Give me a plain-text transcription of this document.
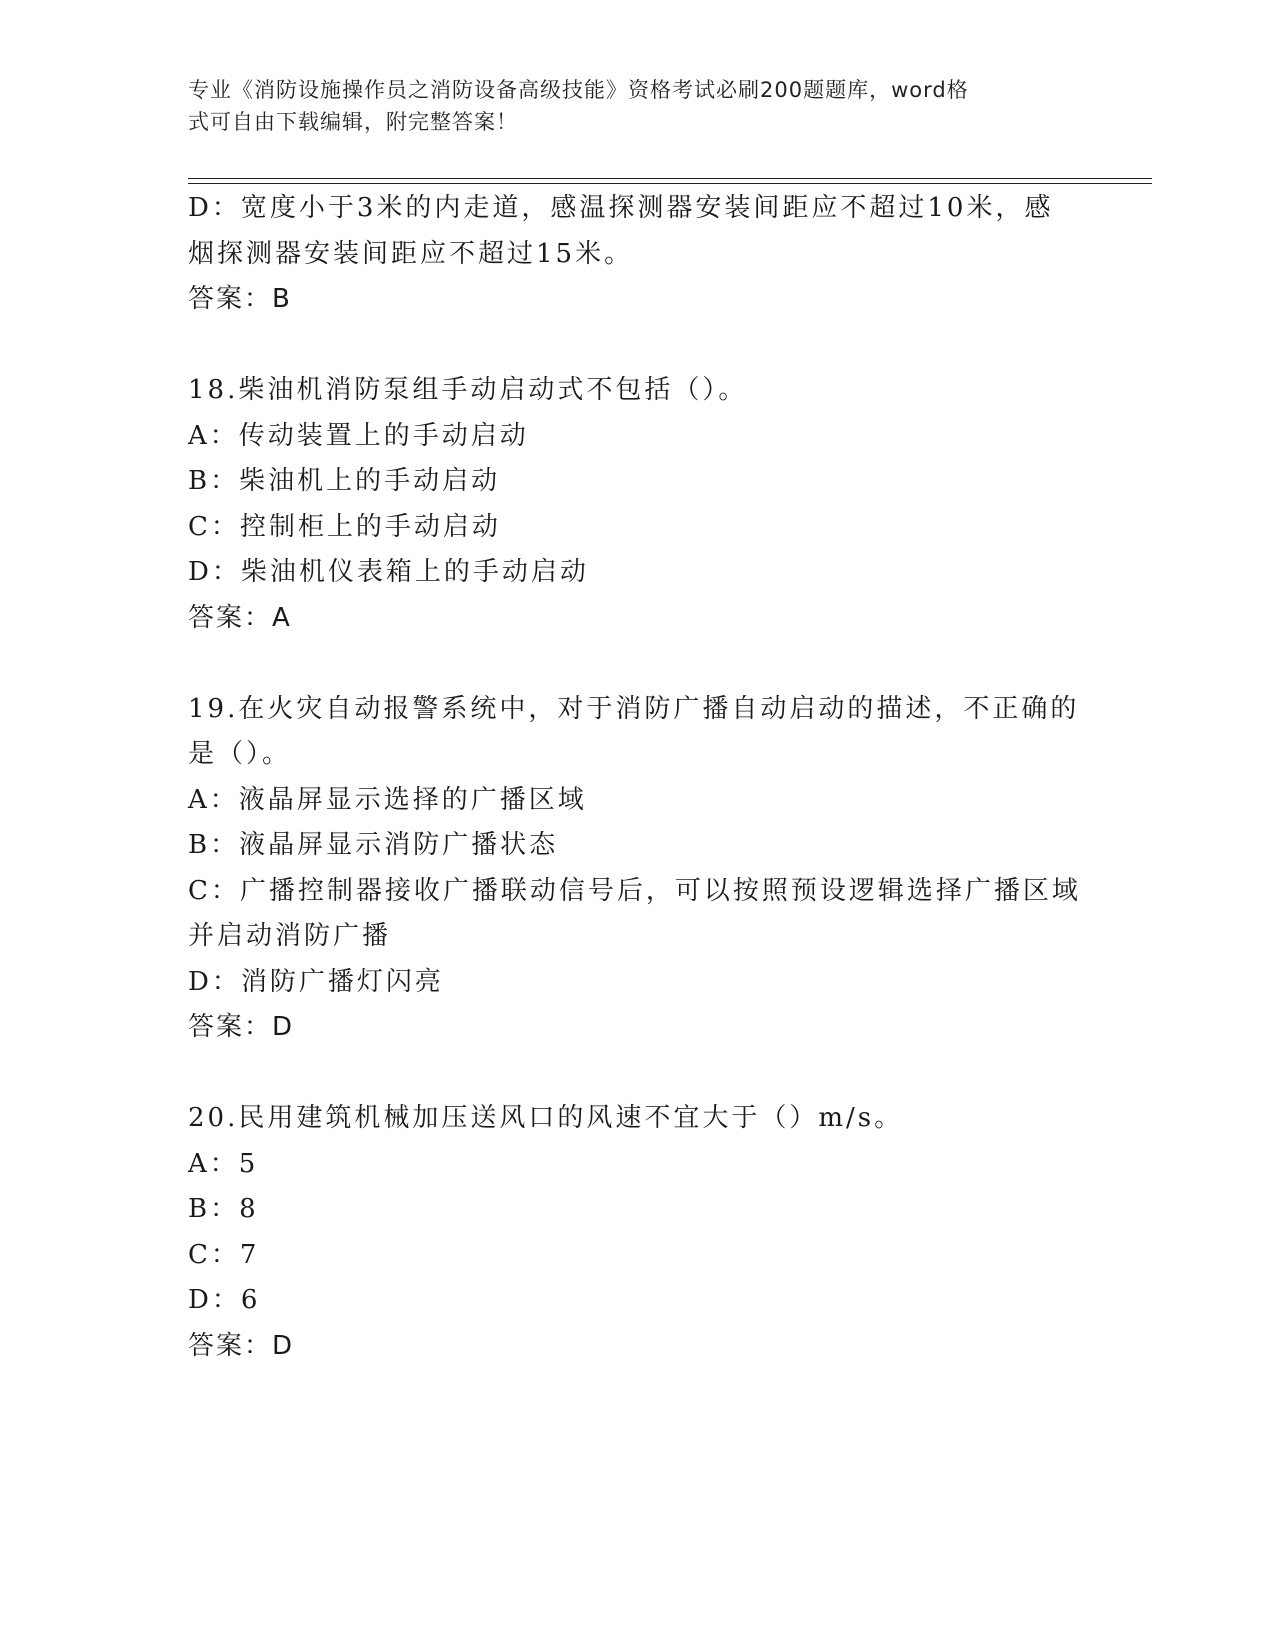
专业《消防设施操作员之消防设备高级技能》资格考试必刷200题题库，word格
式可自由下载编辑，附完整答案！
D：宽度小于3米的内走道，感温探测器安装间距应不超过10米，感
烟探测器安装间距应不超过15米。
答案：B
18.柴油机消防泵组手动启动式不包括（）。
A：传动装置上的手动启动
B：柴油机上的手动启动
C：控制柜上的手动启动
D：柴油机仪表箱上的手动启动
答案：A
19.在火灾自动报警系统中，对于消防广播自动启动的描述，不正确的
是（）。
A：液晶屏显示选择的广播区域
B：液晶屏显示消防广播状态
C：广播控制器接收广播联动信号后，可以按照预设逻辑选择广播区域
并启动消防广播
D：消防广播灯闪亮
答案：D
20.民用建筑机械加压送风口的风速不宜大于（）m/s。
A：5
B：8
C：7
D：6
答案：D
